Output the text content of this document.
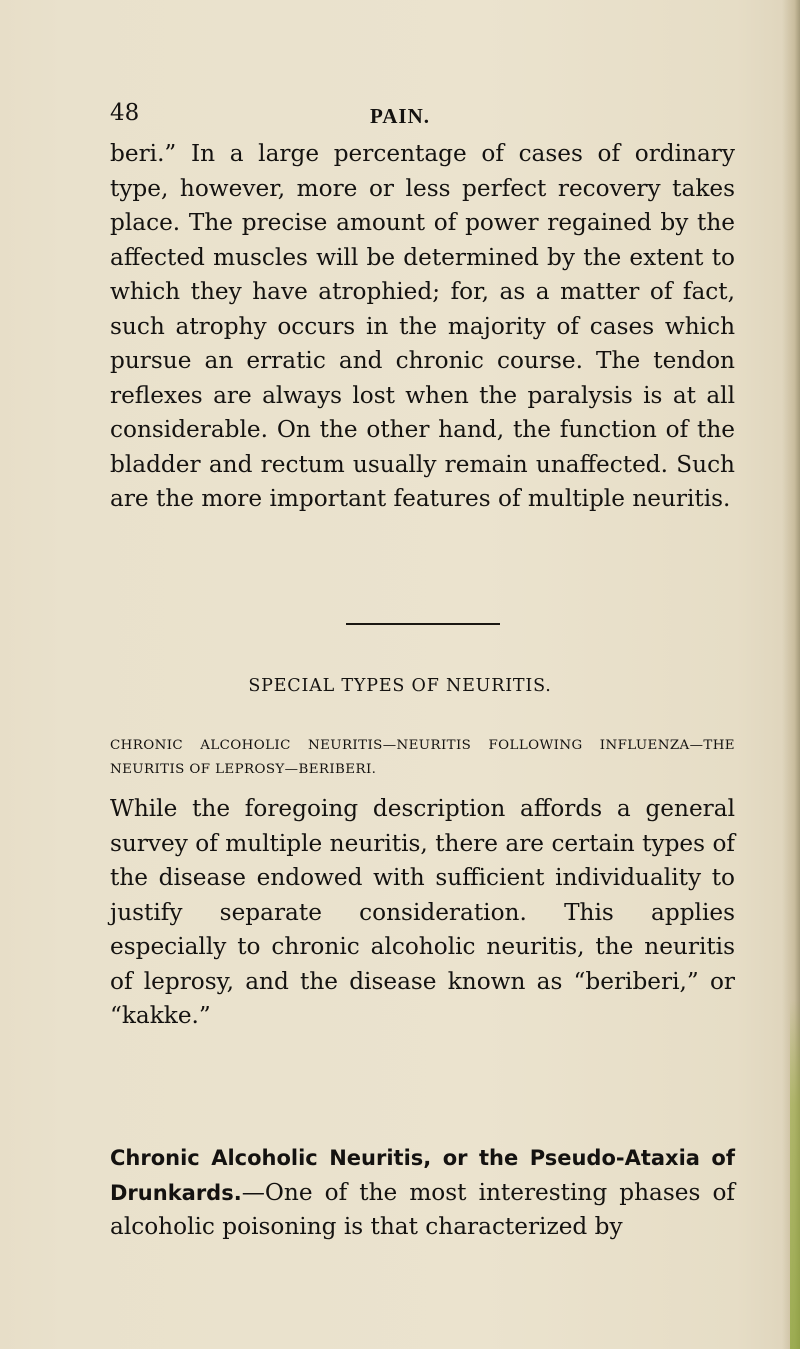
48	PAIN.

beri.” In a large percentage of cases of ordinary type, however, more or less perfect recovery takes place. The precise amount of power regained by the affected muscles will be determined by the extent to which they have atrophied; for, as a matter of fact, such atrophy occurs in the majority of cases which pursue an erratic and chronic course. The tendon reflexes are always lost when the paralysis is at all considerable. On the other hand, the function of the bladder and rectum usually remain unaffected. Such are the more important features of multiple neuritis.

SPECIAL TYPES OF NEURITIS.
CHRONIC ALCOHOLIC NEURITIS—NEURITIS FOLLOWING INFLUENZA—THE NEURITIS OF LEPROSY—BERIBERI.

While the foregoing description affords a general survey of multiple neuritis, there are certain types of the disease endowed with sufficient individuality to justify separate consideration. This applies especially to chronic alcoholic neuritis, the neuritis of leprosy, and the disease known as “beriberi,” or “kakke.”

Chronic Alcoholic Neuritis, or the Pseudo-Ataxia of Drunkards.—One of the most interesting phases of alcoholic poisoning is that characterized by
